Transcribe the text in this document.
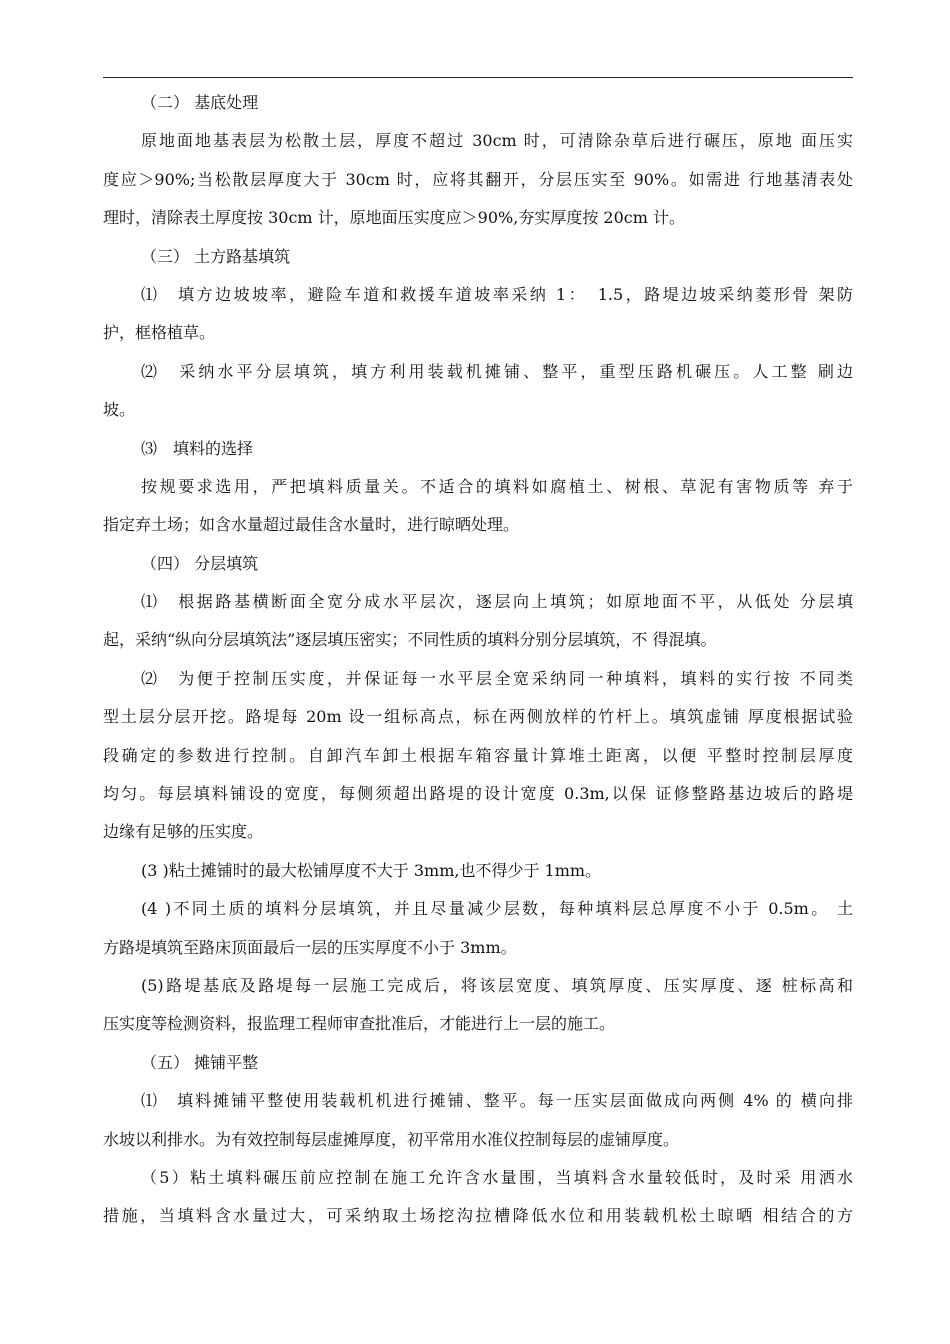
（二） 基底处理
原地面地基表层为松散土层，厚度不超过 30cm 时，可清除杂草后进行碾压，原地 面压实
度应＞90%;当松散层厚度大于 30cm 时，应将其翻开，分层压实至 90%。如需进 行地基清表处
理时，清除表土厚度按 30cm 计，原地面压实度应＞90%,夯实厚度按 20cm 计。
（三） 土方路基填筑
⑴　填方边坡坡率，避险车道和救援车道坡率采纳 1：　1.5，路堤边坡采纳菱形骨 架防
护，框格植草。
⑵　采纳水平分层填筑，填方利用装载机摊铺、整平，重型压路机碾压。人工整 刷边
坡。
⑶　填料的选择
按规要求选用，严把填料质量关。不适合的填料如腐植土、树根、草泥有害物质等 弃于
指定弃土场；如含水量超过最佳含水量时，进行晾晒处理。
（四） 分层填筑
⑴　根据路基横断面全宽分成水平层次，逐层向上填筑；如原地面不平，从低处 分层填
起，采纳“纵向分层填筑法”逐层填压密实；不同性质的填料分别分层填筑，不 得混填。
⑵　为便于控制压实度，并保证每一水平层全宽采纳同一种填料，填料的实行按 不同类
型土层分层开挖。路堤每 20m 设一组标高点，标在两侧放样的竹杆上。填筑虚铺 厚度根据试验
段确定的参数进行控制。自卸汽车卸土根据车箱容量计算堆土距离，以便 平整时控制层厚度
均匀。每层填料铺设的宽度，每侧须超出路堤的设计宽度 0.3m,以保 证修整路基边坡后的路堤
边缘有足够的压实度。
(3 )粘土摊铺时的最大松铺厚度不大于 3mm,也不得少于 1mm。
(4 )不同土质的填料分层填筑，并且尽量减少层数，每种填料层总厚度不小于 0.5m。 土
方路堤填筑至路床顶面最后一层的压实厚度不小于 3mm。
(5)路堤基底及路堤每一层施工完成后，将该层宽度、填筑厚度、压实厚度、逐 桩标高和
压实度等检测资料，报监理工程师审查批准后，才能进行上一层的施工。
（五） 摊铺平整
⑴　填料摊铺平整使用装载机机进行摊铺、整平。每一压实层面做成向两侧 4% 的 横向排
水坡以利排水。为有效控制每层虚摊厚度，初平常用水准仪控制每层的虚铺厚度。
（5）粘土填料碾压前应控制在施工允许含水量围，当填料含水量较低时，及时采 用洒水
措施，当填料含水量过大，可采纳取土场挖沟拉槽降低水位和用装载机松土晾晒 相结合的方
